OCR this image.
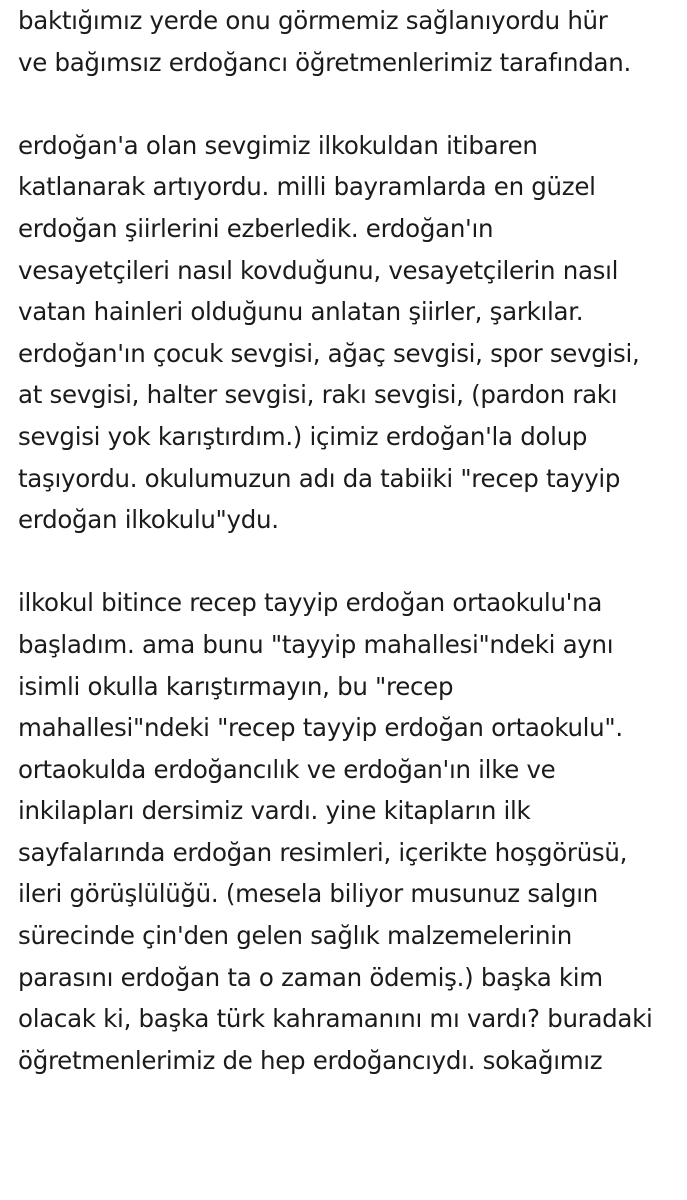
baktığımız yerde onu görmemiz sağlanıyordu hür
ve bağımsız erdoğancı öğretmenlerimiz tarafından.
erdoğan'a olan sevgimiz ilkokuldan itibaren
katlanarak artıyordu. milli bayramlarda en güzel
erdoğan şiirlerini ezberledik. erdoğan'ın
vesayetçileri nasıl kovduğunu, vesayetçilerin nasıl
vatan hainleri olduğunu anlatan şiirler, şarkılar.
erdoğan'ın çocuk sevgisi, ağaç sevgisi, spor sevgisi,
at sevgisi, halter sevgisi, rakı sevgisi, (pardon rakı
sevgisi yok karıştırdım.) içimiz erdoğan'la dolup
taşıyordu. okulumuzun adı da tabiiki "recep tayyip
erdoğan ilkokulu"ydu.
ilkokul bitince recep tayyip erdoğan ortaokulu'na
başladım. ama bunu "tayyip mahallesi"ndeki aynı
isimli okulla karıştırmayın, bu "recep
mahallesi"ndeki "recep tayyip erdoğan ortaokulu".
ortaokulda erdoğancılık ve erdoğan'ın ilke ve
inkilapları dersimiz vardı. yine kitapların ilk
sayfalarında erdoğan resimleri, içerikte hoşgörüsü,
ileri görüşlülüğü. (mesela biliyor musunuz salgın
sürecinde çin'den gelen sağlık malzemelerinin
parasını erdoğan ta o zaman ödemiş.) başka kim
olacak ki, başka türk kahramanını mı vardı? buradaki
öğretmenlerimiz de hep erdoğancıydı. sokağımız
